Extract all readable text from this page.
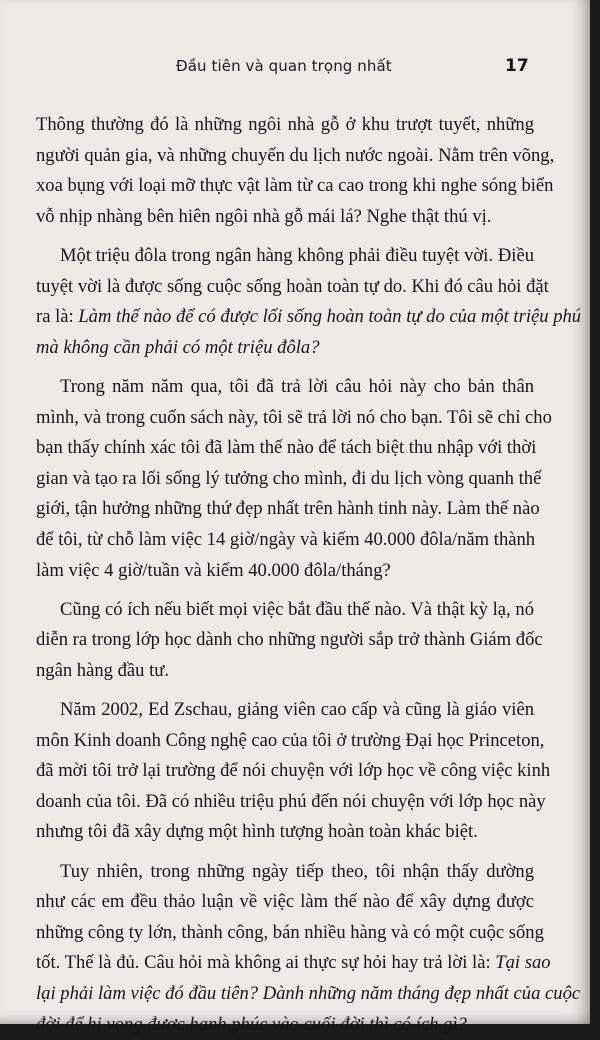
Đầu tiên và quan trọng nhất	17

Thông thường đó là những ngôi nhà gỗ ở khu trượt tuyết, những
người quản gia, và những chuyến du lịch nước ngoài. Nằm trên võng,
xoa bụng với loại mỡ thực vật làm từ ca cao trong khi nghe sóng biển
vỗ nhịp nhàng bên hiên ngôi nhà gỗ mái lá? Nghe thật thú vị.

Một triệu đôla trong ngân hàng không phải điều tuyệt vời. Điều
tuyệt vời là được sống cuộc sống hoàn toàn tự do. Khi đó câu hỏi đặt
ra là: Làm thế nào để có được lối sống hoàn toàn tự do của một triệu phú
mà không cần phải có một triệu đôla?

Trong năm năm qua, tôi đã trả lời câu hỏi này cho bản thân
mình, và trong cuốn sách này, tôi sẽ trả lời nó cho bạn. Tôi sẽ chỉ cho
bạn thấy chính xác tôi đã làm thế nào để tách biệt thu nhập với thời
gian và tạo ra lối sống lý tưởng cho mình, đi du lịch vòng quanh thế
giới, tận hưởng những thứ đẹp nhất trên hành tinh này. Làm thế nào
để tôi, từ chỗ làm việc 14 giờ/ngày và kiếm 40.000 đôla/năm thành
làm việc 4 giờ/tuần và kiếm 40.000 đôla/tháng?

Cũng có ích nếu biết mọi việc bắt đầu thế nào. Và thật kỳ lạ, nó
diễn ra trong lớp học dành cho những người sắp trở thành Giám đốc
ngân hàng đầu tư.

Năm 2002, Ed Zschau, giảng viên cao cấp và cũng là giáo viên
môn Kinh doanh Công nghệ cao của tôi ở trường Đại học Princeton,
đã mời tôi trở lại trường để nói chuyện với lớp học về công việc kinh
doanh của tôi. Đã có nhiều triệu phú đến nói chuyện với lớp học này
nhưng tôi đã xây dựng một hình tượng hoàn toàn khác biệt.

Tuy nhiên, trong những ngày tiếp theo, tôi nhận thấy dường
như các em đều thảo luận về việc làm thế nào để xây dựng được
những công ty lớn, thành công, bán nhiều hàng và có một cuộc sống
tốt. Thế là đủ. Câu hỏi mà không ai thực sự hỏi hay trả lời là: Tại sao
lại phải làm việc đó đầu tiên? Dành những năm tháng đẹp nhất của cuộc
đời để hi vọng được hạnh phúc vào cuối đời thì có ích gì?
